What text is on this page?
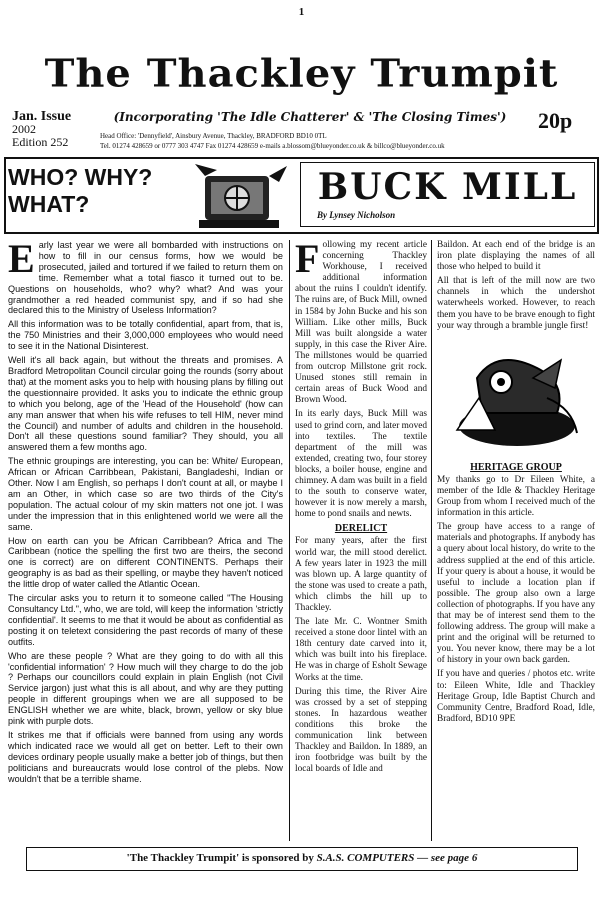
1
The Thackley Trumpit
Jan. Issue
2002
Edition 252
(Incorporating 'The Idle Chatterer' & 'The Closing Times')	20p
Head Office: 'Dennyfield', Ainsbury Avenue, Thackley, BRADFORD BD10 0TL
Tel. 01274 428659 or 0777 303 4747 Fax 01274 428659 e-mails a.blossom@blueyonder.co.uk & billco@blueyonder.co.uk
WHO? WHY?
WHAT?	BUCK MILL
By Lynsey Nicholson

Early last year we were all bombarded with instructions on how to fill in our census forms, how we would be prosecuted, jailed and tortured if we failed to return them on time. Remember what a total fiasco it turned out to be. Questions on households, who? why? what? And was your grandmother a red headed communist spy, and if so had she declared this to the Ministry of Useless Information?

All this information was to be totally confidential, apart from, that is, the 750 Ministries and their 3,000,000 employees who would need to see it in the National Disinterest.

Well it's all back again, but without the threats and promises. A Bradford Metropolitan Council circular going the rounds (sorry about that) at the moment asks you to help with housing plans by filling out the questionnaire provided. It asks you to indicate the ethnic group to which you belong, age of the 'Head of the Household' (how can any man answer that when his wife refuses to tell HIM, never mind the Council) and number of adults and children in the household. Don't all these questions sound familiar? They should, you all answered them a few months ago.

The ethnic groupings are interesting, you can be: White/ European, African or African Carribbean, Pakistani, Bangladeshi, Indian or Other. Now I am English, so perhaps I don't count at all, or maybe I am an Other, in which case so are two thirds of the City's population. The actual colour of my skin matters not one jot. I was under the impression that in this enlightened world we were all the same.

How on earth can you be African Carribbean? Africa and The Caribbean (notice the spelling the first two are theirs, the second one is correct) are on different CONTINENTS. Perhaps their geography is as bad as their spelling, or maybe they haven't noticed the little drop of water called the Atlantic Ocean.

The circular asks you to return it to someone called "The Housing Consultancy Ltd.", who, we are told, will keep the information 'strictly confidential'. It seems to me that it would be about as confidential as posting it on teletext considering the past records of many of these outfits.

Who are these people ? What are they going to do with all this 'confidential information' ? How much will they charge to do the job ? Perhaps our councillors could explain in plain English (not Civil Service jargon) just what this is all about, and why are they putting people in different groupings when we are all supposed to be ENGLISH whether we are white, black, brown, yellow or sky blue pink with purple dots.

It strikes me that if officials were banned from using any words which indicated race we would all get on better. Left to their own devices ordinary people usually make a better job of things, but then politicians and bureaucrats would lose control of the plebs. Now wouldn't that be a terrible shame.

Following my recent article concerning Thackley Workhouse, I received additional information about the ruins I couldn't identify. The ruins are, of Buck Mill, owned in 1584 by John Bucke and his son William. Like other mills, Buck Mill was built alongside a water supply, in this case the River Aire. The millstones would be quarried from outcrop Millstone grit rock. Unused stones still remain in certain areas of Buck Wood and Brown Wood.

In its early days, Buck Mill was used to grind corn, and later moved into textiles. The textile department of the mill was extended, creating two, four storey blocks, a boiler house, engine and chimney. A dam was built in a field to the south to conserve water, however it is now merely a marsh, home to pond snails and newts.

DERELICT

For many years, after the first world war, the mill stood derelict. A few years later in 1923 the mill was blown up. A large quantity of the stone was used to create a path, which climbs the hill up to Thackley.

The late Mr. C. Wontner Smith received a stone door lintel with an 18th century date carved into it, which was built into his fireplace. He was in charge of Esholt Sewage Works at the time.

During this time, the River Aire was crossed by a set of stepping stones. In hazardous weather conditions this broke the communication link between Thackley and Baildon. In 1889, an iron footbridge was built by the local boards of Idle and

Baildon. At each end of the bridge is an iron plate displaying the names of all those who helped to build it

All that is left of the mill now are two channels in which the undershot waterwheels worked. However, to reach them you have to be brave enough to fight your way through a bramble jungle first!

HERITAGE GROUP

My thanks go to Dr Eileen White, a member of the Idle & Thackley Heritage Group from whom I received much of the information in this article.

The group have access to a range of materials and photographs. If anybody has a query about local history, do write to the address supplied at the end of this article. If your query is about a house, it would be useful to include a location plan if possible. The group also own a large collection of photographs. If you have any that may be of interest send them to the following address. The group will make a print and the original will be returned to you. You never know, there may be a lot of history in your own back garden.

If you have and queries / photos etc. write to: Eileen White, Idle and Thackley Heritage Group, Idle Baptist Church and Community Centre, Bradford Road, Idle, Bradford, BD10 9PE

'The Thackley Trumpit' is sponsored by S.A.S. COMPUTERS — see page 6
